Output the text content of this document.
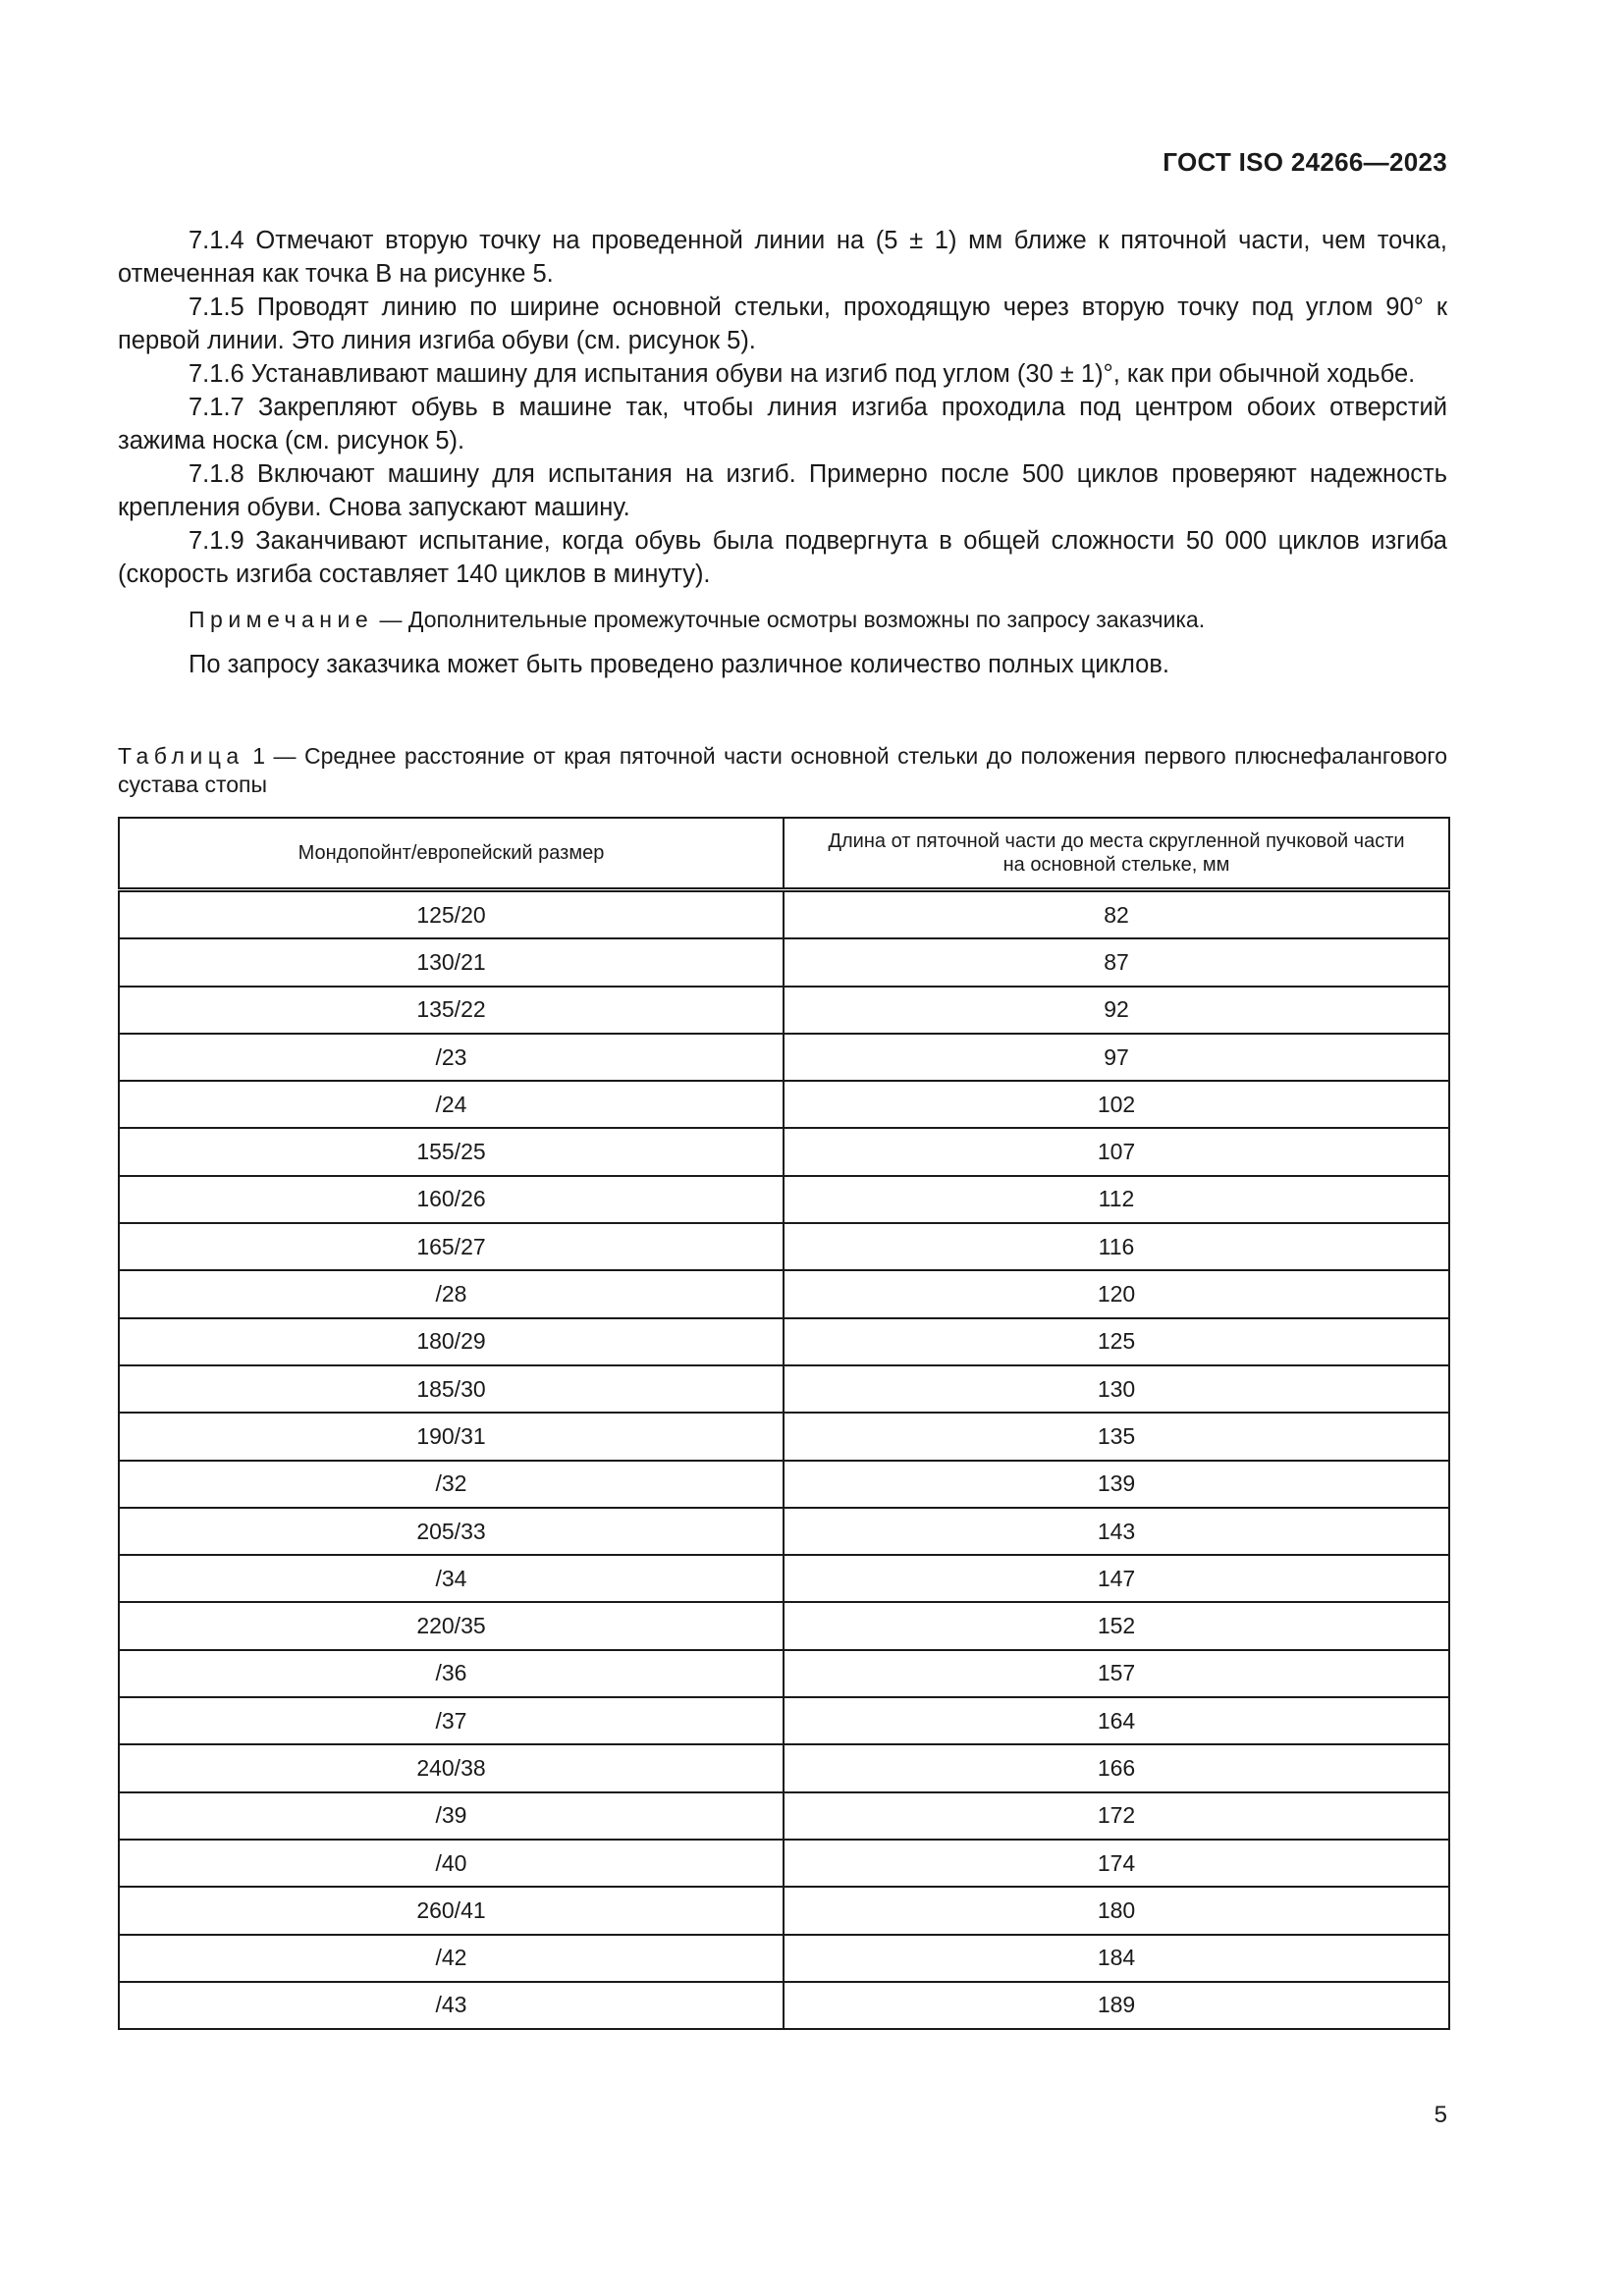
ГОСТ ISO 24266—2023

7.1.4 Отмечают вторую точку на проведенной линии на (5 ± 1) мм ближе к пяточной части, чем точка, отмеченная как точка В на рисунке 5.

7.1.5 Проводят линию по ширине основной стельки, проходящую через вторую точку под углом 90° к первой линии. Это линия изгиба обуви (см. рисунок 5).

7.1.6 Устанавливают машину для испытания обуви на изгиб под углом (30 ± 1)°, как при обычной ходьбе.

7.1.7 Закрепляют обувь в машине так, чтобы линия изгиба проходила под центром обоих отверстий зажима носка (см. рисунок 5).

7.1.8 Включают машину для испытания на изгиб. Примерно после 500 циклов проверяют надежность крепления обуви. Снова запускают машину.

7.1.9 Заканчивают испытание, когда обувь была подвергнута в общей сложности 50 000 циклов изгиба (скорость изгиба составляет 140 циклов в минуту).

Примечание — Дополнительные промежуточные осмотры возможны по запросу заказчика.

По запросу заказчика может быть проведено различное количество полных циклов.

Таблица 1 — Среднее расстояние от края пяточной части основной стельки до положения первого плюснефалангового сустава стопы
Мондопойнт/европейский размер	Длина от пяточной части до места скругленной пучковой части на основной стельке, мм
125/20	82
130/21	87
135/22	92
/23	97
/24	102
155/25	107
160/26	112
165/27	116
/28	120
180/29	125
185/30	130
190/31	135
/32	139
205/33	143
/34	147
220/35	152
/36	157
/37	164
240/38	166
/39	172
/40	174
260/41	180
/42	184
/43	189
5
